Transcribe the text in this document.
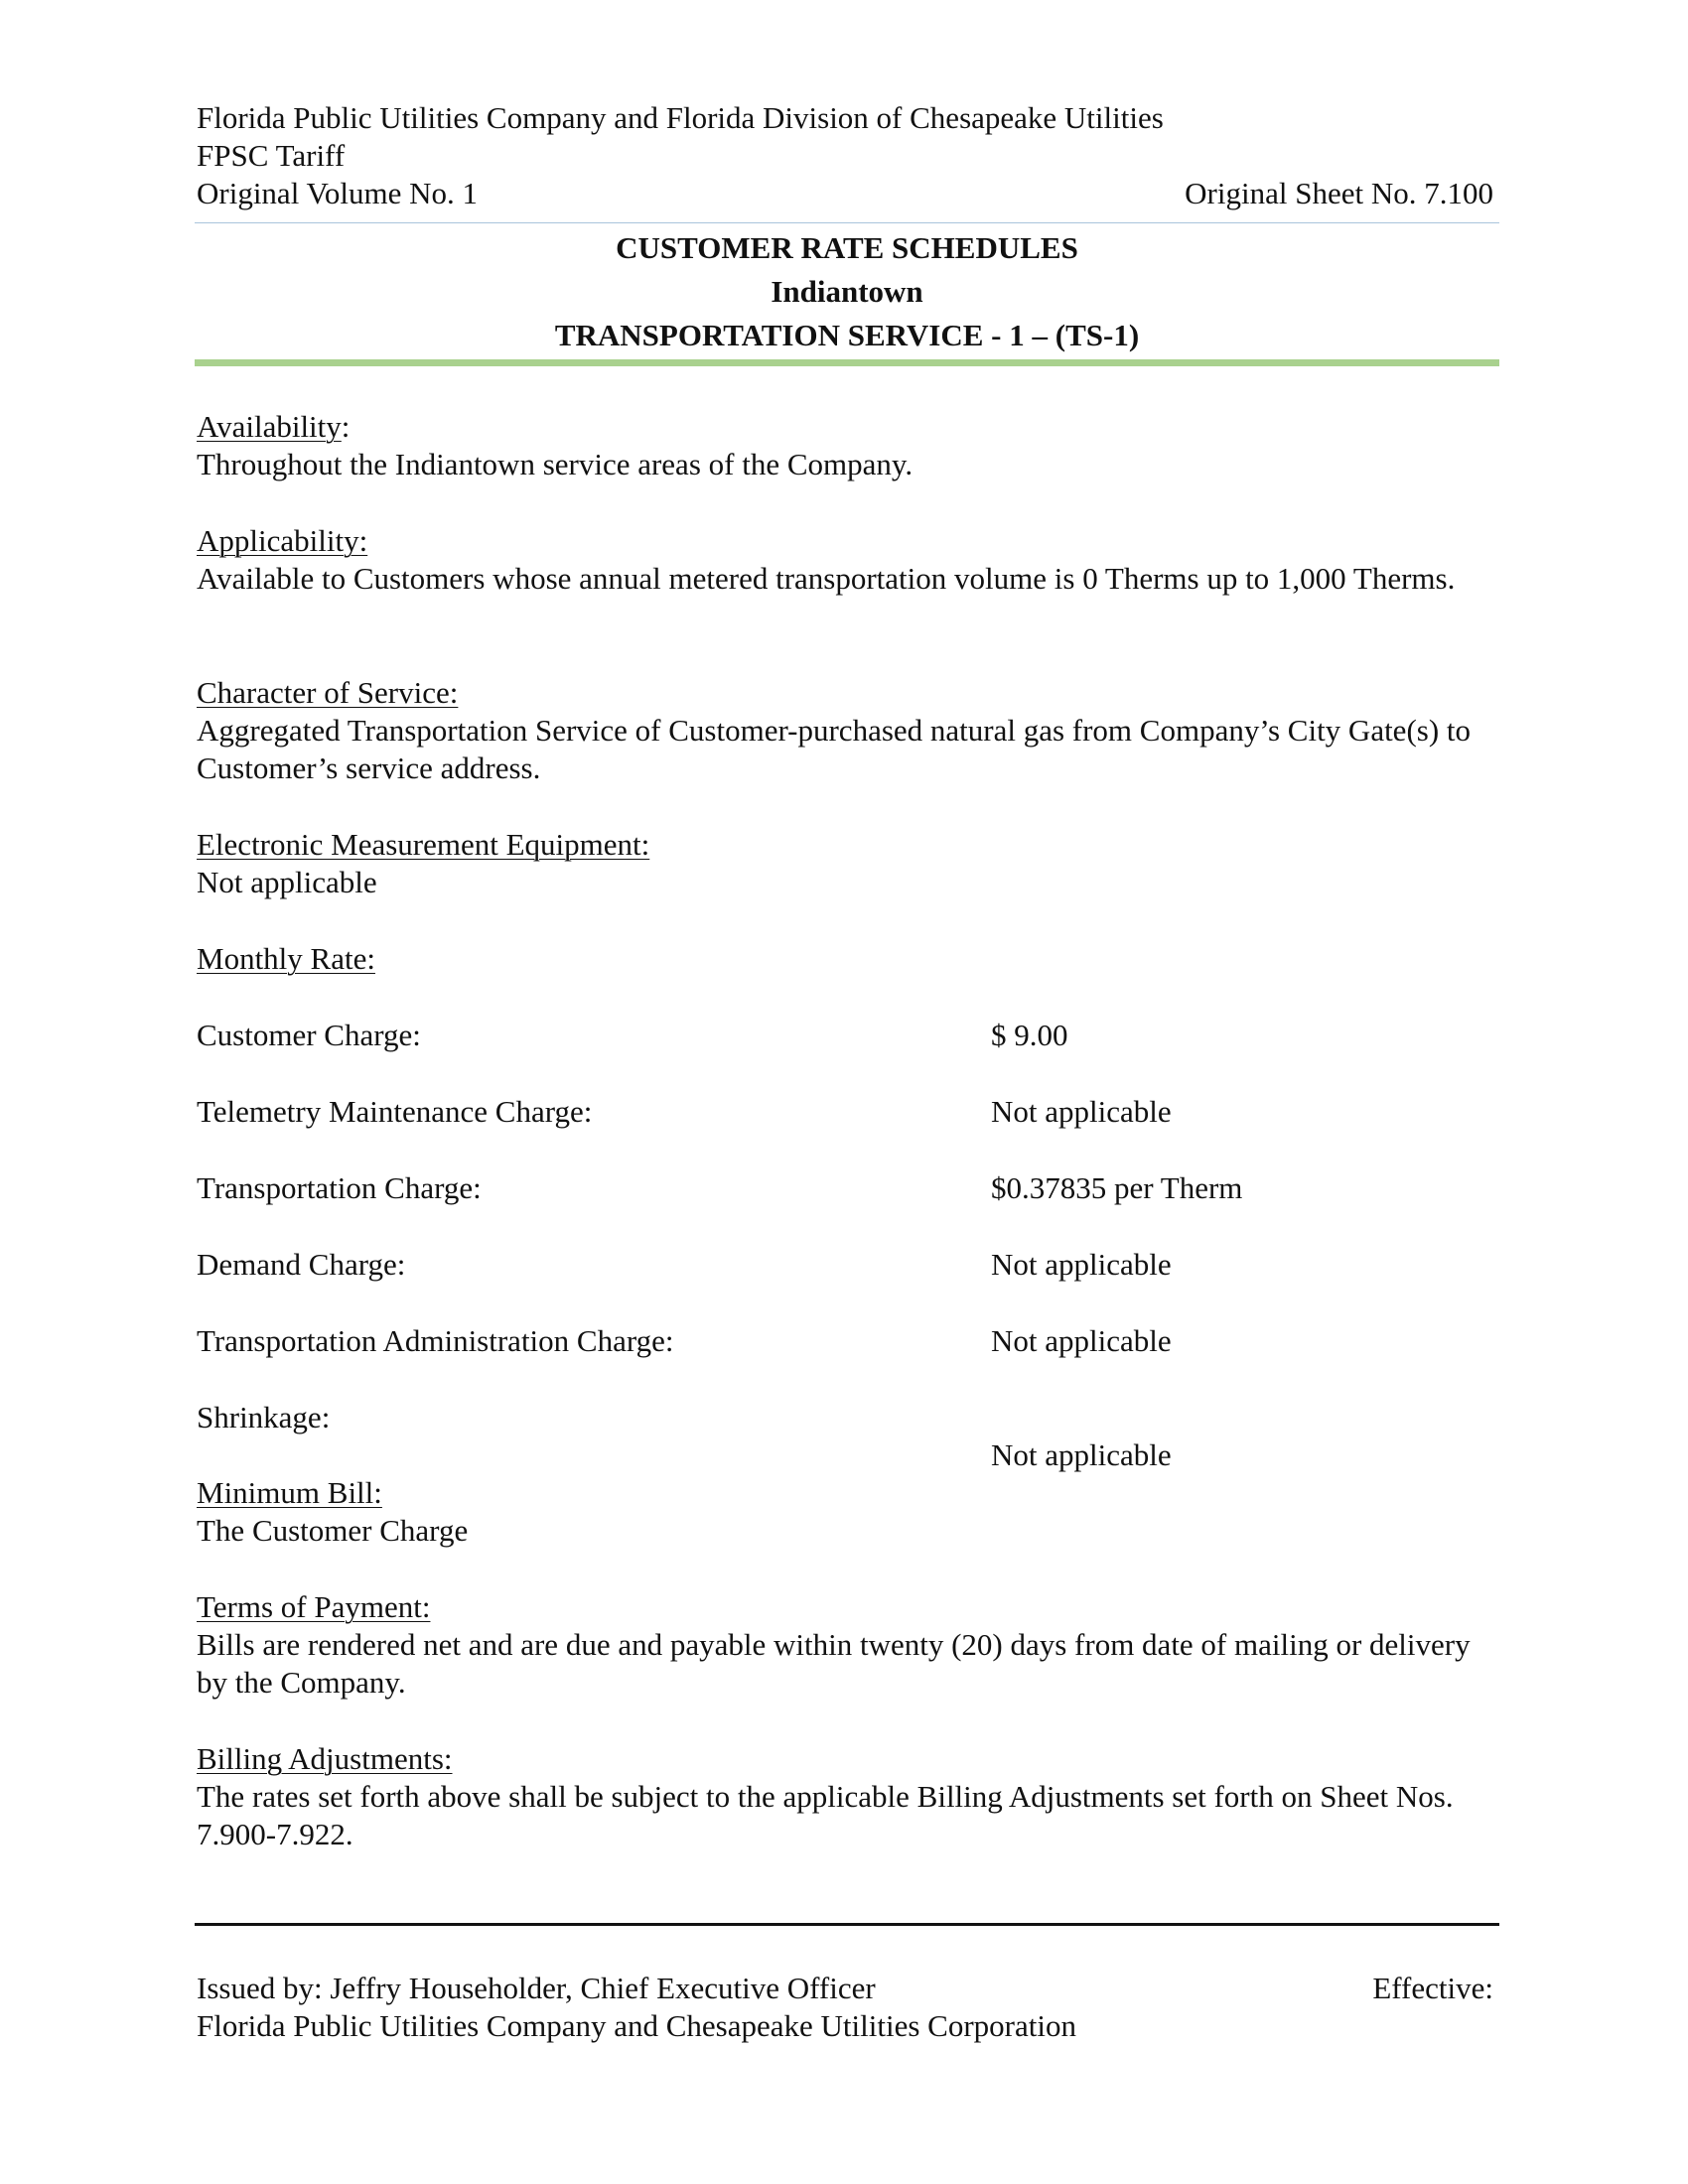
Florida Public Utilities Company and Florida Division of Chesapeake Utilities
FPSC Tariff
Original Volume No. 1	Original Sheet No. 7.100
CUSTOMER RATE SCHEDULES
Indiantown
TRANSPORTATION SERVICE - 1 – (TS-1)
Availability:
Throughout the Indiantown service areas of the Company.
Applicability:
Available to Customers whose annual metered transportation volume is 0 Therms up to 1,000 Therms.
Character of Service:
Aggregated Transportation Service of Customer-purchased natural gas from Company’s City Gate(s) to Customer’s service address.
Electronic Measurement Equipment:
Not applicable
Monthly Rate:
Customer Charge:	$ 9.00
Telemetry Maintenance Charge:	Not applicable
Transportation Charge:	$0.37835 per Therm
Demand Charge:	Not applicable
Transportation Administration Charge:	Not applicable
Shrinkage:
Not applicable
Minimum Bill:
The Customer Charge
Terms of Payment:
Bills are rendered net and are due and payable within twenty (20) days from date of mailing or delivery by the Company.
Billing Adjustments:
The rates set forth above shall be subject to the applicable Billing Adjustments set forth on Sheet Nos. 7.900-7.922.
Issued by: Jeffry Householder, Chief Executive Officer	Effective:
Florida Public Utilities Company and Chesapeake Utilities Corporation
